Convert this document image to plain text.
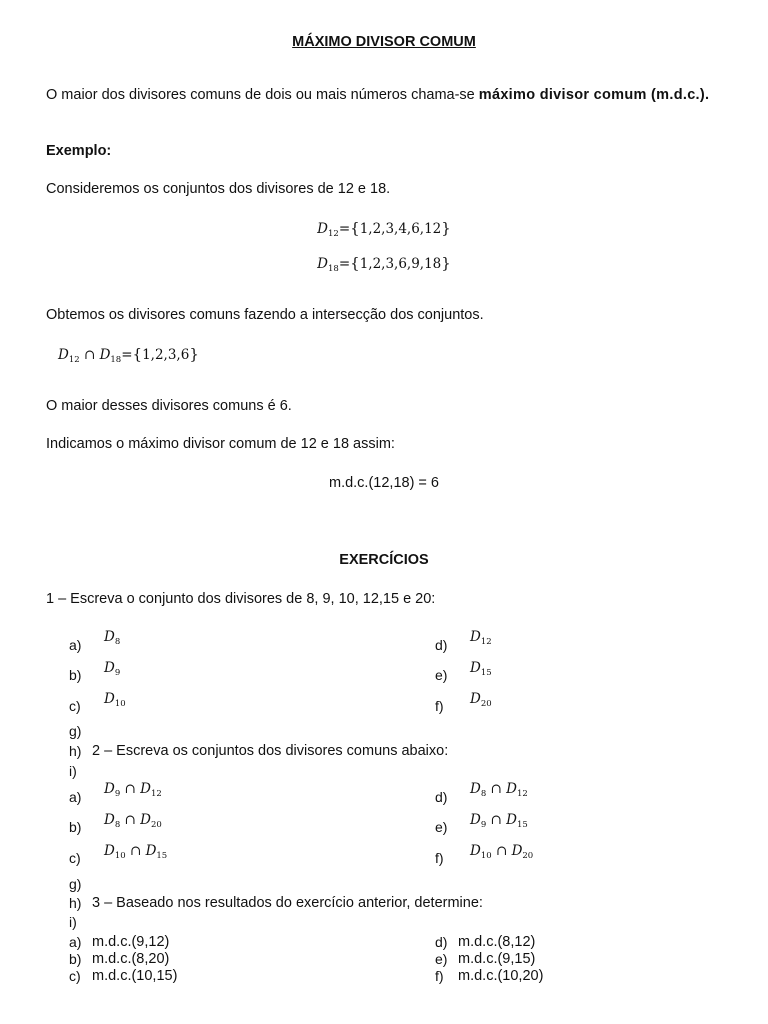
MÁXIMO DIVISOR COMUM
O maior dos divisores comuns de dois ou mais números chama-se máximo divisor comum (m.d.c.).
Exemplo:
Consideremos os conjuntos dos divisores de 12 e 18.
$D_{12}=\{1,2,3,4,6,12\}$
$D_{18}=\{1,2,3,6,9,18\}$
Obtemos os divisores comuns fazendo a intersecção dos conjuntos.
$D_{12}$ ∩ $D_{18}=\{1,2,3,6\}$
O maior desses divisores comuns é 6.
Indicamos o máximo divisor comum de 12 e 18 assim:
m.d.c.(12,18) = 6
EXERCÍCIOS
1 – Escreva o conjunto dos divisores de 8, 9, 10, 12,15 e 20:
a) $D_8$
b) $D_9$
c) $D_{10}$
d) $D_{12}$
e) $D_{15}$
f) $D_{20}$
g)
h) 2 – Escreva os conjuntos dos divisores comuns abaixo:
i)
a) $D_9$ ∩ $D_{12}$
b) $D_8$ ∩ $D_{20}$
c) $D_{10}$ ∩ $D_{15}$
d) $D_8$ ∩ $D_{12}$
e) $D_9$ ∩ $D_{15}$
f) $D_{10}$ ∩ $D_{20}$
g)
h) 3 – Baseado nos resultados do exercício anterior, determine:
i)
a) m.d.c.(9,12)
b) m.d.c.(8,20)
c) m.d.c.(10,15)
d) m.d.c.(8,12)
e) m.d.c.(9,15)
f) m.d.c.(10,20)
